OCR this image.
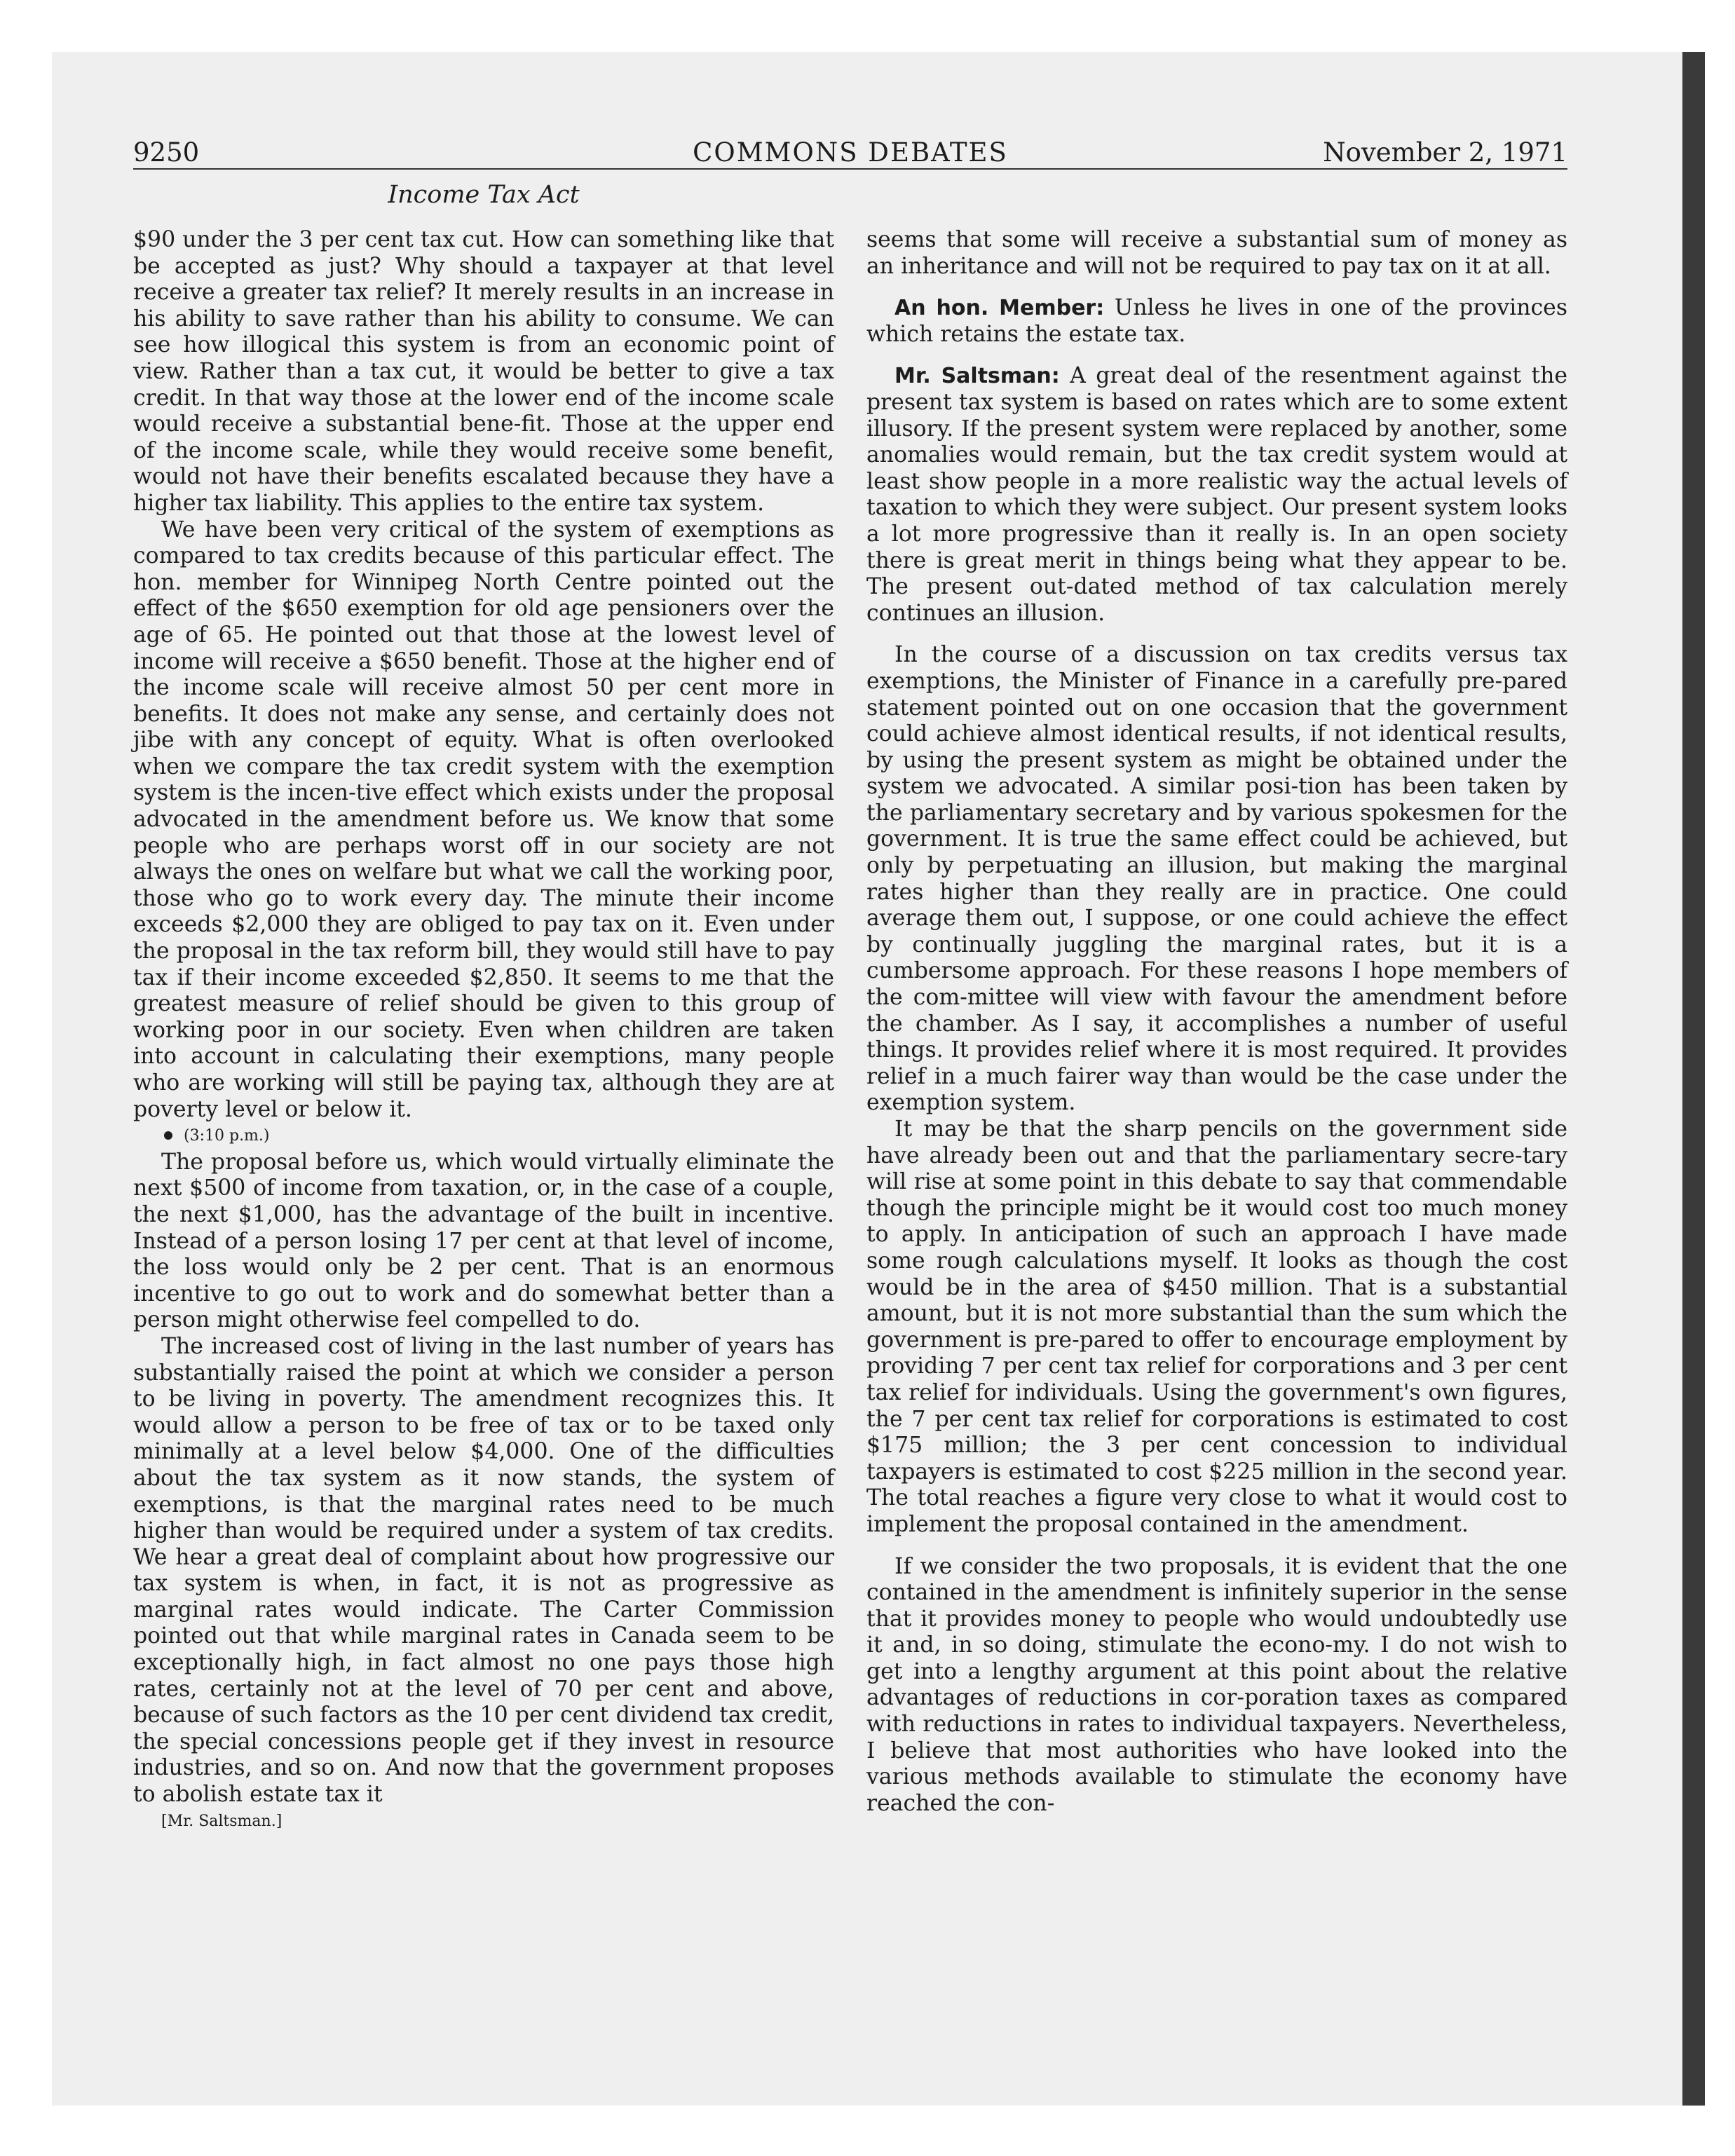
9250	COMMONS DEBATES	November 2, 1971
Income Tax Act

$90 under the 3 per cent tax cut. How can something like that be accepted as just? Why should a taxpayer at that level receive a greater tax relief? It merely results in an increase in his ability to save rather than his ability to consume. We can see how illogical this system is from an economic point of view. Rather than a tax cut, it would be better to give a tax credit. In that way those at the lower end of the income scale would receive a substantial bene-fit. Those at the upper end of the income scale, while they would receive some benefit, would not have their benefits escalated because they have a higher tax liability. This applies to the entire tax system.

We have been very critical of the system of exemptions as compared to tax credits because of this particular effect. The hon. member for Winnipeg North Centre pointed out the effect of the $650 exemption for old age pensioners over the age of 65. He pointed out that those at the lowest level of income will receive a $650 benefit. Those at the higher end of the income scale will receive almost 50 per cent more in benefits. It does not make any sense, and certainly does not jibe with any concept of equity. What is often overlooked when we compare the tax credit system with the exemption system is the incen-tive effect which exists under the proposal advocated in the amendment before us. We know that some people who are perhaps worst off in our society are not always the ones on welfare but what we call the working poor, those who go to work every day. The minute their income exceeds $2,000 they are obliged to pay tax on it. Even under the proposal in the tax reform bill, they would still have to pay tax if their income exceeded $2,850. It seems to me that the greatest measure of relief should be given to this group of working poor in our society. Even when children are taken into account in calculating their exemptions, many people who are working will still be paying tax, although they are at poverty level or below it.

(3:10 p.m.)

The proposal before us, which would virtually eliminate the next $500 of income from taxation, or, in the case of a couple, the next $1,000, has the advantage of the built in incentive. Instead of a person losing 17 per cent at that level of income, the loss would only be 2 per cent. That is an enormous incentive to go out to work and do somewhat better than a person might otherwise feel compelled to do.

The increased cost of living in the last number of years has substantially raised the point at which we consider a person to be living in poverty. The amendment recognizes this. It would allow a person to be free of tax or to be taxed only minimally at a level below $4,000. One of the difficulties about the tax system as it now stands, the system of exemptions, is that the marginal rates need to be much higher than would be required under a system of tax credits. We hear a great deal of complaint about how progressive our tax system is when, in fact, it is not as progressive as marginal rates would indicate. The Carter Commission pointed out that while marginal rates in Canada seem to be exceptionally high, in fact almost no one pays those high rates, certainly not at the level of 70 per cent and above, because of such factors as the 10 per cent dividend tax credit, the special concessions people get if they invest in resource industries, and so on. And now that the government proposes to abolish estate tax it

[Mr. Saltsman.]

seems that some will receive a substantial sum of money as an inheritance and will not be required to pay tax on it at all.

An hon. Member: Unless he lives in one of the provinces which retains the estate tax.

Mr. Saltsman: A great deal of the resentment against the present tax system is based on rates which are to some extent illusory. If the present system were replaced by another, some anomalies would remain, but the tax credit system would at least show people in a more realistic way the actual levels of taxation to which they were subject. Our present system looks a lot more progressive than it really is. In an open society there is great merit in things being what they appear to be. The present out-dated method of tax calculation merely continues an illusion.

In the course of a discussion on tax credits versus tax exemptions, the Minister of Finance in a carefully pre-pared statement pointed out on one occasion that the government could achieve almost identical results, if not identical results, by using the present system as might be obtained under the system we advocated. A similar posi-tion has been taken by the parliamentary secretary and by various spokesmen for the government. It is true the same effect could be achieved, but only by perpetuating an illusion, but making the marginal rates higher than they really are in practice. One could average them out, I suppose, or one could achieve the effect by continually juggling the marginal rates, but it is a cumbersome approach. For these reasons I hope members of the com-mittee will view with favour the amendment before the chamber. As I say, it accomplishes a number of useful things. It provides relief where it is most required. It provides relief in a much fairer way than would be the case under the exemption system.

It may be that the sharp pencils on the government side have already been out and that the parliamentary secre-tary will rise at some point in this debate to say that commendable though the principle might be it would cost too much money to apply. In anticipation of such an approach I have made some rough calculations myself. It looks as though the cost would be in the area of $450 million. That is a substantial amount, but it is not more substantial than the sum which the government is pre-pared to offer to encourage employment by providing 7 per cent tax relief for corporations and 3 per cent tax relief for individuals. Using the government's own figures, the 7 per cent tax relief for corporations is estimated to cost $175 million; the 3 per cent concession to individual taxpayers is estimated to cost $225 million in the second year. The total reaches a figure very close to what it would cost to implement the proposal contained in the amendment.

If we consider the two proposals, it is evident that the one contained in the amendment is infinitely superior in the sense that it provides money to people who would undoubtedly use it and, in so doing, stimulate the econo-my. I do not wish to get into a lengthy argument at this point about the relative advantages of reductions in cor-poration taxes as compared with reductions in rates to individual taxpayers. Nevertheless, I believe that most authorities who have looked into the various methods available to stimulate the economy have reached the con-
